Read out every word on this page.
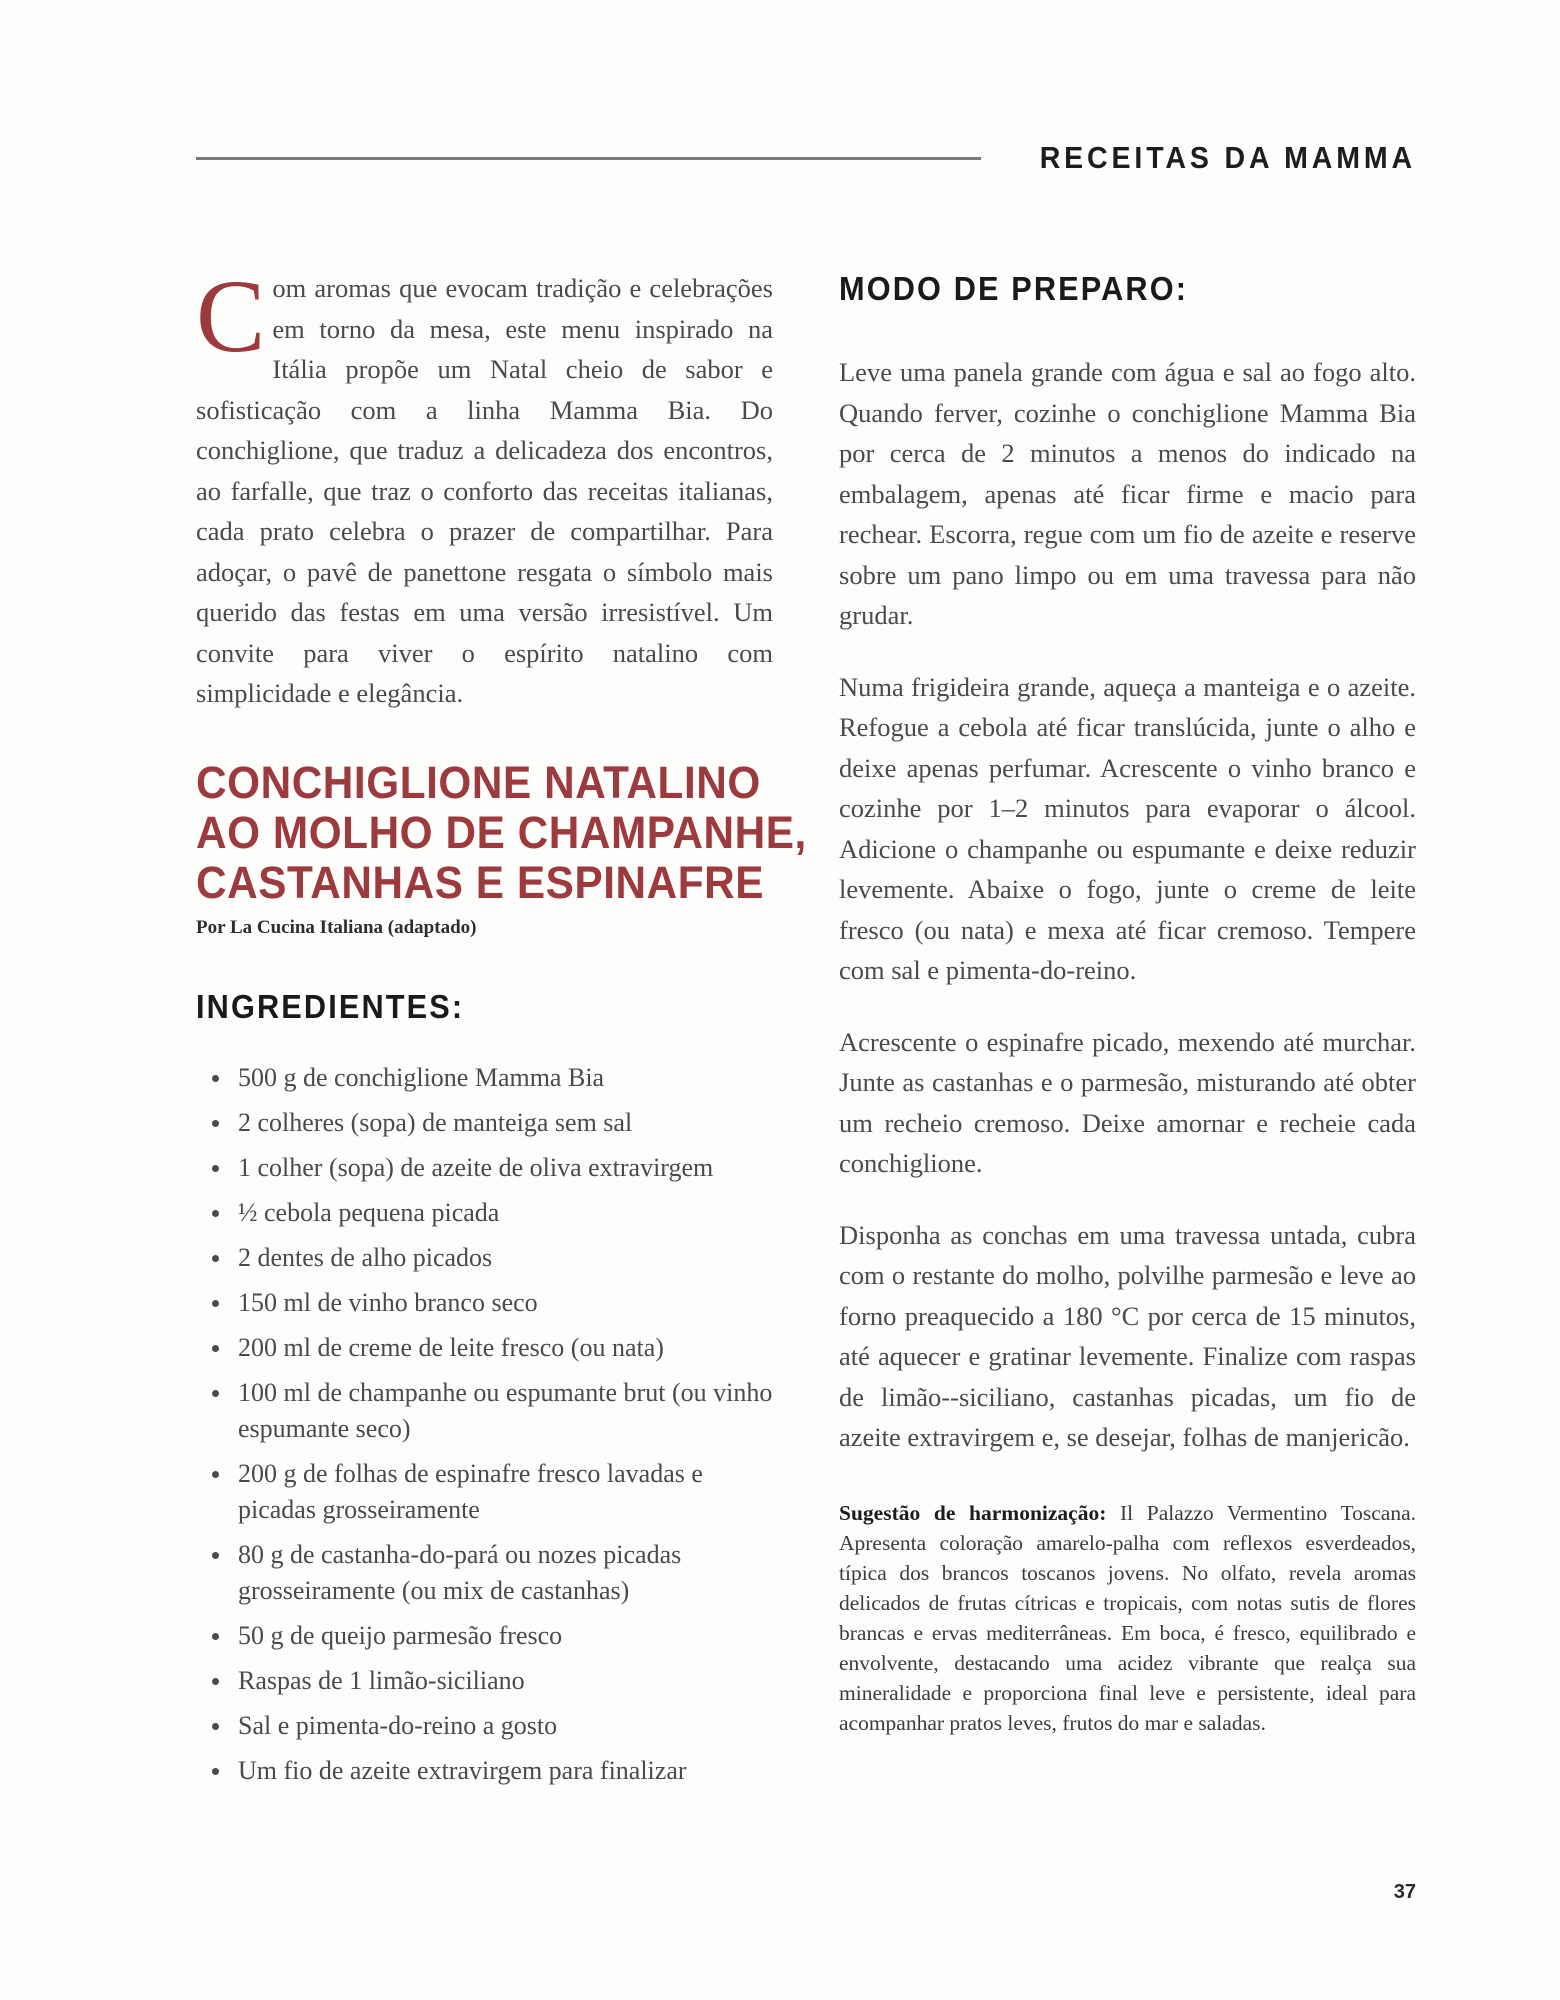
RECEITAS DA MAMMA

Com aromas que evocam tradição e celebrações em torno da mesa, este menu inspirado na Itália propõe um Natal cheio de sabor e sofisticação com a linha Mamma Bia. Do conchiglione, que traduz a delicadeza dos encontros, ao farfalle, que traz o conforto das receitas italianas, cada prato celebra o prazer de compartilhar. Para adoçar, o pavê de panettone resgata o símbolo mais querido das festas em uma versão irresistível. Um convite para viver o espírito natalino com simplicidade e elegância.

CONCHIGLIONE NATALINO
AO MOLHO DE CHAMPANHE,
CASTANHAS E ESPINAFRE

Por La Cucina Italiana (adaptado)

INGREDIENTES:
500 g de conchiglione Mamma Bia
2 colheres (sopa) de manteiga sem sal
1 colher (sopa) de azeite de oliva extravirgem
½ cebola pequena picada
2 dentes de alho picados
150 ml de vinho branco seco
200 ml de creme de leite fresco (ou nata)
100 ml de champanhe ou espumante brut (ou vinho espumante seco)
200 g de folhas de espinafre fresco lavadas e picadas grosseiramente
80 g de castanha-do-pará ou nozes picadas grosseiramente (ou mix de castanhas)
50 g de queijo parmesão fresco
Raspas de 1 limão-siciliano
Sal e pimenta-do-reino a gosto
Um fio de azeite extravirgem para finalizar
MODO DE PREPARO:

Leve uma panela grande com água e sal ao fogo alto. Quando ferver, cozinhe o conchiglione Mamma Bia por cerca de 2 minutos a menos do indicado na embalagem, apenas até ficar firme e macio para rechear. Escorra, regue com um fio de azeite e reserve sobre um pano limpo ou em uma travessa para não grudar.

Numa frigideira grande, aqueça a manteiga e o azeite. Refogue a cebola até ficar translúcida, junte o alho e deixe apenas perfumar. Acrescente o vinho branco e cozinhe por 1–2 minutos para evaporar o álcool. Adicione o champanhe ou espumante e deixe reduzir levemente. Abaixe o fogo, junte o creme de leite fresco (ou nata) e mexa até ficar cremoso. Tempere com sal e pimenta-do-reino.

Acrescente o espinafre picado, mexendo até murchar. Junte as castanhas e o parmesão, misturando até obter um recheio cremoso. Deixe amornar e recheie cada conchiglione.

Disponha as conchas em uma travessa untada, cubra com o restante do molho, polvilhe parmesão e leve ao forno preaquecido a 180 °C por cerca de 15 minutos, até aquecer e gratinar levemente. Finalize com raspas de limão--siciliano, castanhas picadas, um fio de azeite extravirgem e, se desejar, folhas de manjericão.

Sugestão de harmonização: Il Palazzo Vermentino Toscana. Apresenta coloração amarelo-palha com reflexos esverdeados, típica dos brancos toscanos jovens. No olfato, revela aromas delicados de frutas cítricas e tropicais, com notas sutis de flores brancas e ervas mediterrâneas. Em boca, é fresco, equilibrado e envolvente, destacando uma acidez vibrante que realça sua mineralidade e proporciona final leve e persistente, ideal para acompanhar pratos leves, frutos do mar e saladas.

37
